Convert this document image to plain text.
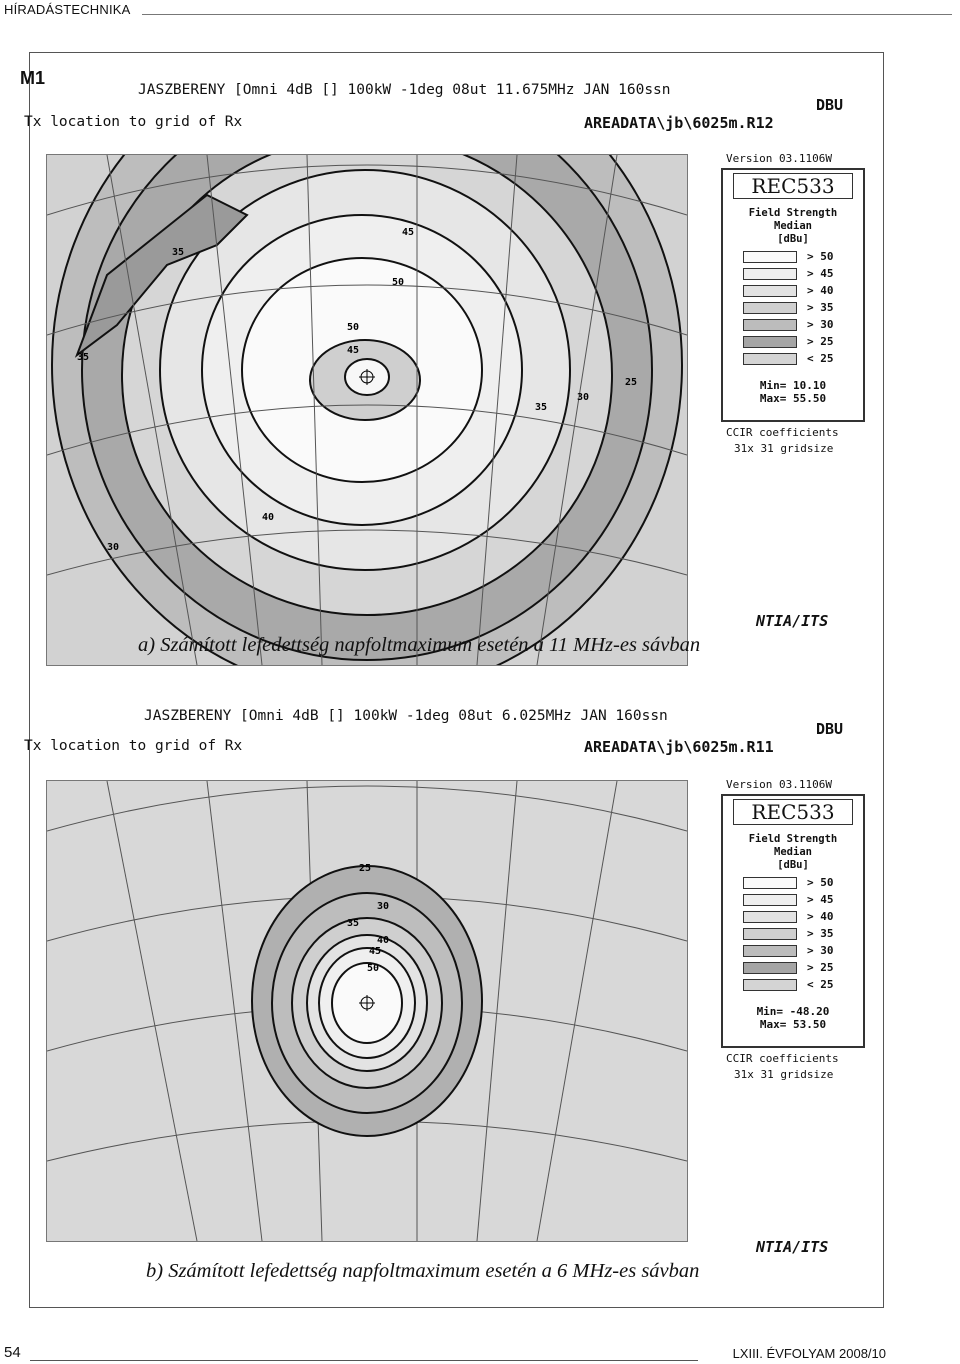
HÍRADÁSTECHNIKA
M1
JASZBERENY [Omni 4dB [] 100kW -1deg 08ut 11.675MHz JAN 160ssn
Tx location to grid of Rx
DBU
AREADATA\jb\6025m.R12
35
45
50
50
45
40
30
35
30
25
35
REC533
Field Strength
Median
[dBu]
> 50
> 45
> 40
> 35
> 30
> 25
< 25
Min= 10.10
Max= 55.50
Version 03.1106W
CCIR coefficients
31x 31 gridsize
NTIA/ITS
a) Számított lefedettség napfoltmaximum esetén a 11 MHz-es sávban
JASZBERENY [Omni 4dB [] 100kW -1deg 08ut 6.025MHz JAN 160ssn
Tx location to grid of Rx
DBU
AREADATA\jb\6025m.R11
25
30
35
40
45
50
REC533
Field Strength
Median
[dBu]
> 50
> 45
> 40
> 35
> 30
> 25
< 25
Min= -48.20
Max= 53.50
Version 03.1106W
CCIR coefficients
31x 31 gridsize
NTIA/ITS
b) Számított lefedettség napfoltmaximum esetén a 6 MHz-es sávban
54	LXIII. ÉVFOLYAM 2008/10
